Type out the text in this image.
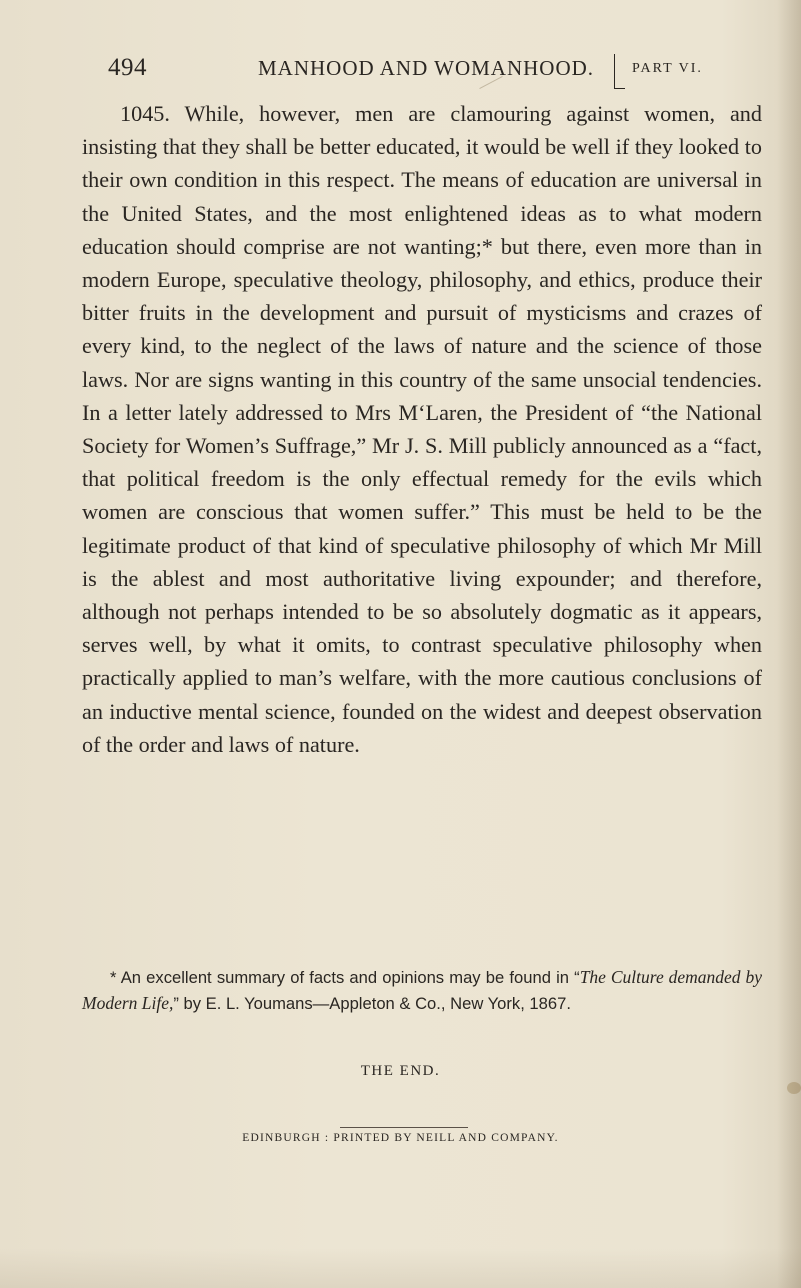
494	MANHOOD AND WOMANHOOD.	PART VI.

1045. While, however, men are clamouring against women, and insisting that they shall be better educated, it would be well if they looked to their own condition in this respect. The means of education are universal in the United States, and the most enlightened ideas as to what modern education should comprise are not wanting;* but there, even more than in modern Europe, speculative theology, philosophy, and ethics, produce their bitter fruits in the development and pursuit of mysticisms and crazes of every kind, to the neglect of the laws of nature and the science of those laws. Nor are signs wanting in this country of the same unsocial tendencies. In a letter lately addressed to Mrs M‘Laren, the President of “the National Society for Women’s Suffrage,” Mr J. S. Mill publicly announced as a “fact, that political freedom is the only effectual remedy for the evils which women are conscious that women suffer.” This must be held to be the legitimate product of that kind of speculative philosophy of which Mr Mill is the ablest and most authoritative living expounder; and therefore, although not perhaps intended to be so absolutely dogmatic as it appears, serves well, by what it omits, to contrast speculative philosophy when practically applied to man’s welfare, with the more cautious conclusions of an inductive mental science, founded on the widest and deepest observation of the order and laws of nature.

* An excellent summary of facts and opinions may be found in “The Culture demanded by Modern Life,” by E. L. Youmans—Appleton & Co., New York, 1867.

THE END.
EDINBURGH : PRINTED BY NEILL AND COMPANY.
